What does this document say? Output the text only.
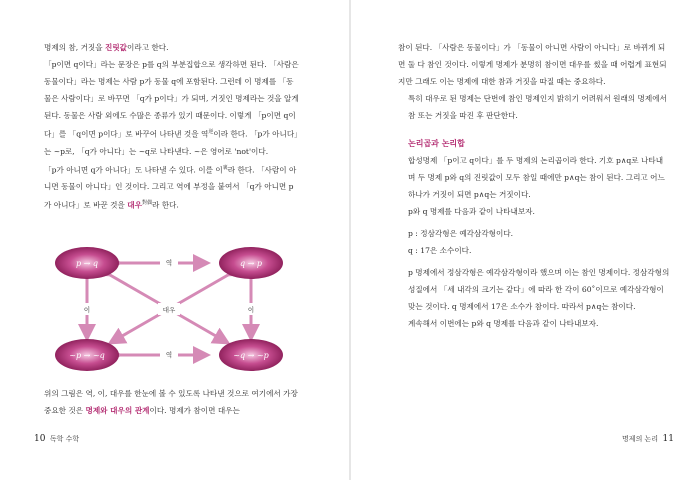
명제의 참, 거짓을 진릿값이라고 한다.

「p이면 q이다」라는 문장은 p를 q의 부분집합으로 생각하면 된다. 「사람은 동물이다」라는 명제는 사람 p가 동물 q에 포함된다. 그런데 이 명제를 「동물은 사람이다」로 바꾸면 「q가 p이다」가 되며, 거짓인 명제라는 것을 알게 된다. 동물은 사람 외에도 수많은 종류가 있기 때문이다. 이렇게 「p이면 q이다」를 「q이면 p이다」로 바꾸어 나타낸 것을 역$^逆$이라 한다. 「p가 아니다」는 ~p로, 「q가 아니다」는 ~q로 나타낸다. ~은 영어로 'not'이다.

「p가 아니면 q가 아니다」도 나타낼 수 있다. 이를 이$^裏$라 한다. 「사람이 아니면 동물이 아니다」인 것이다. 그리고 역에 부정을 붙여서 「q가 아니면 p가 아니다」로 바꾼 것을 대우$^{對偶}$라 한다.

p → q	q → p
~p → ~q	~q → ~p
역
역
이	이
대우

위의 그림은 역, 이, 대우를 한눈에 볼 수 있도록 나타낸 것으로 여기에서 가장 중요한 것은 명제와 대우의 관계이다. 명제가 참이면 대우는

10 독학 수학

참이 된다. 「사람은 동물이다」가 「동물이 아니면 사람이 아니다」로 바뀌게 되면 둘 다 참인 것이다. 이렇게 명제가 분명히 참이면 대우를 썼을 때 어렵게 표현되지만 그래도 이는 명제에 대한 참과 거짓을 따질 때는 중요하다.

특히 대우로 된 명제는 단번에 참인 명제인지 밝히기 어려워서 원래의 명제에서 참 또는 거짓을 따진 후 판단한다.

논리곱과 논리합

합성명제 「p이고 q이다」를 두 명제의 논리곱이라 한다. 기호 p∧q로 나타내며 두 명제 p와 q의 진릿값이 모두 참일 때에만 p∧q는 참이 된다. 그리고 어느 하나가 거짓이 되면 p∧q는 거짓이다.

p와 q 명제를 다음과 같이 나타내보자.

p : 정삼각형은 예각삼각형이다.

q : 17은 소수이다.

p 명제에서 정삼각형은 예각삼각형이라 했으며 이는 참인 명제이다. 정삼각형의 성질에서 「세 내각의 크기는 같다」에 따라 한 각이 60˚이므로 예각삼각형이 맞는 것이다. q 명제에서 17은 소수가 참이다. 따라서 p∧q는 참이다.

계속해서 이번에는 p와 q 명제를 다음과 같이 나타내보자.

명제의 논리 11
